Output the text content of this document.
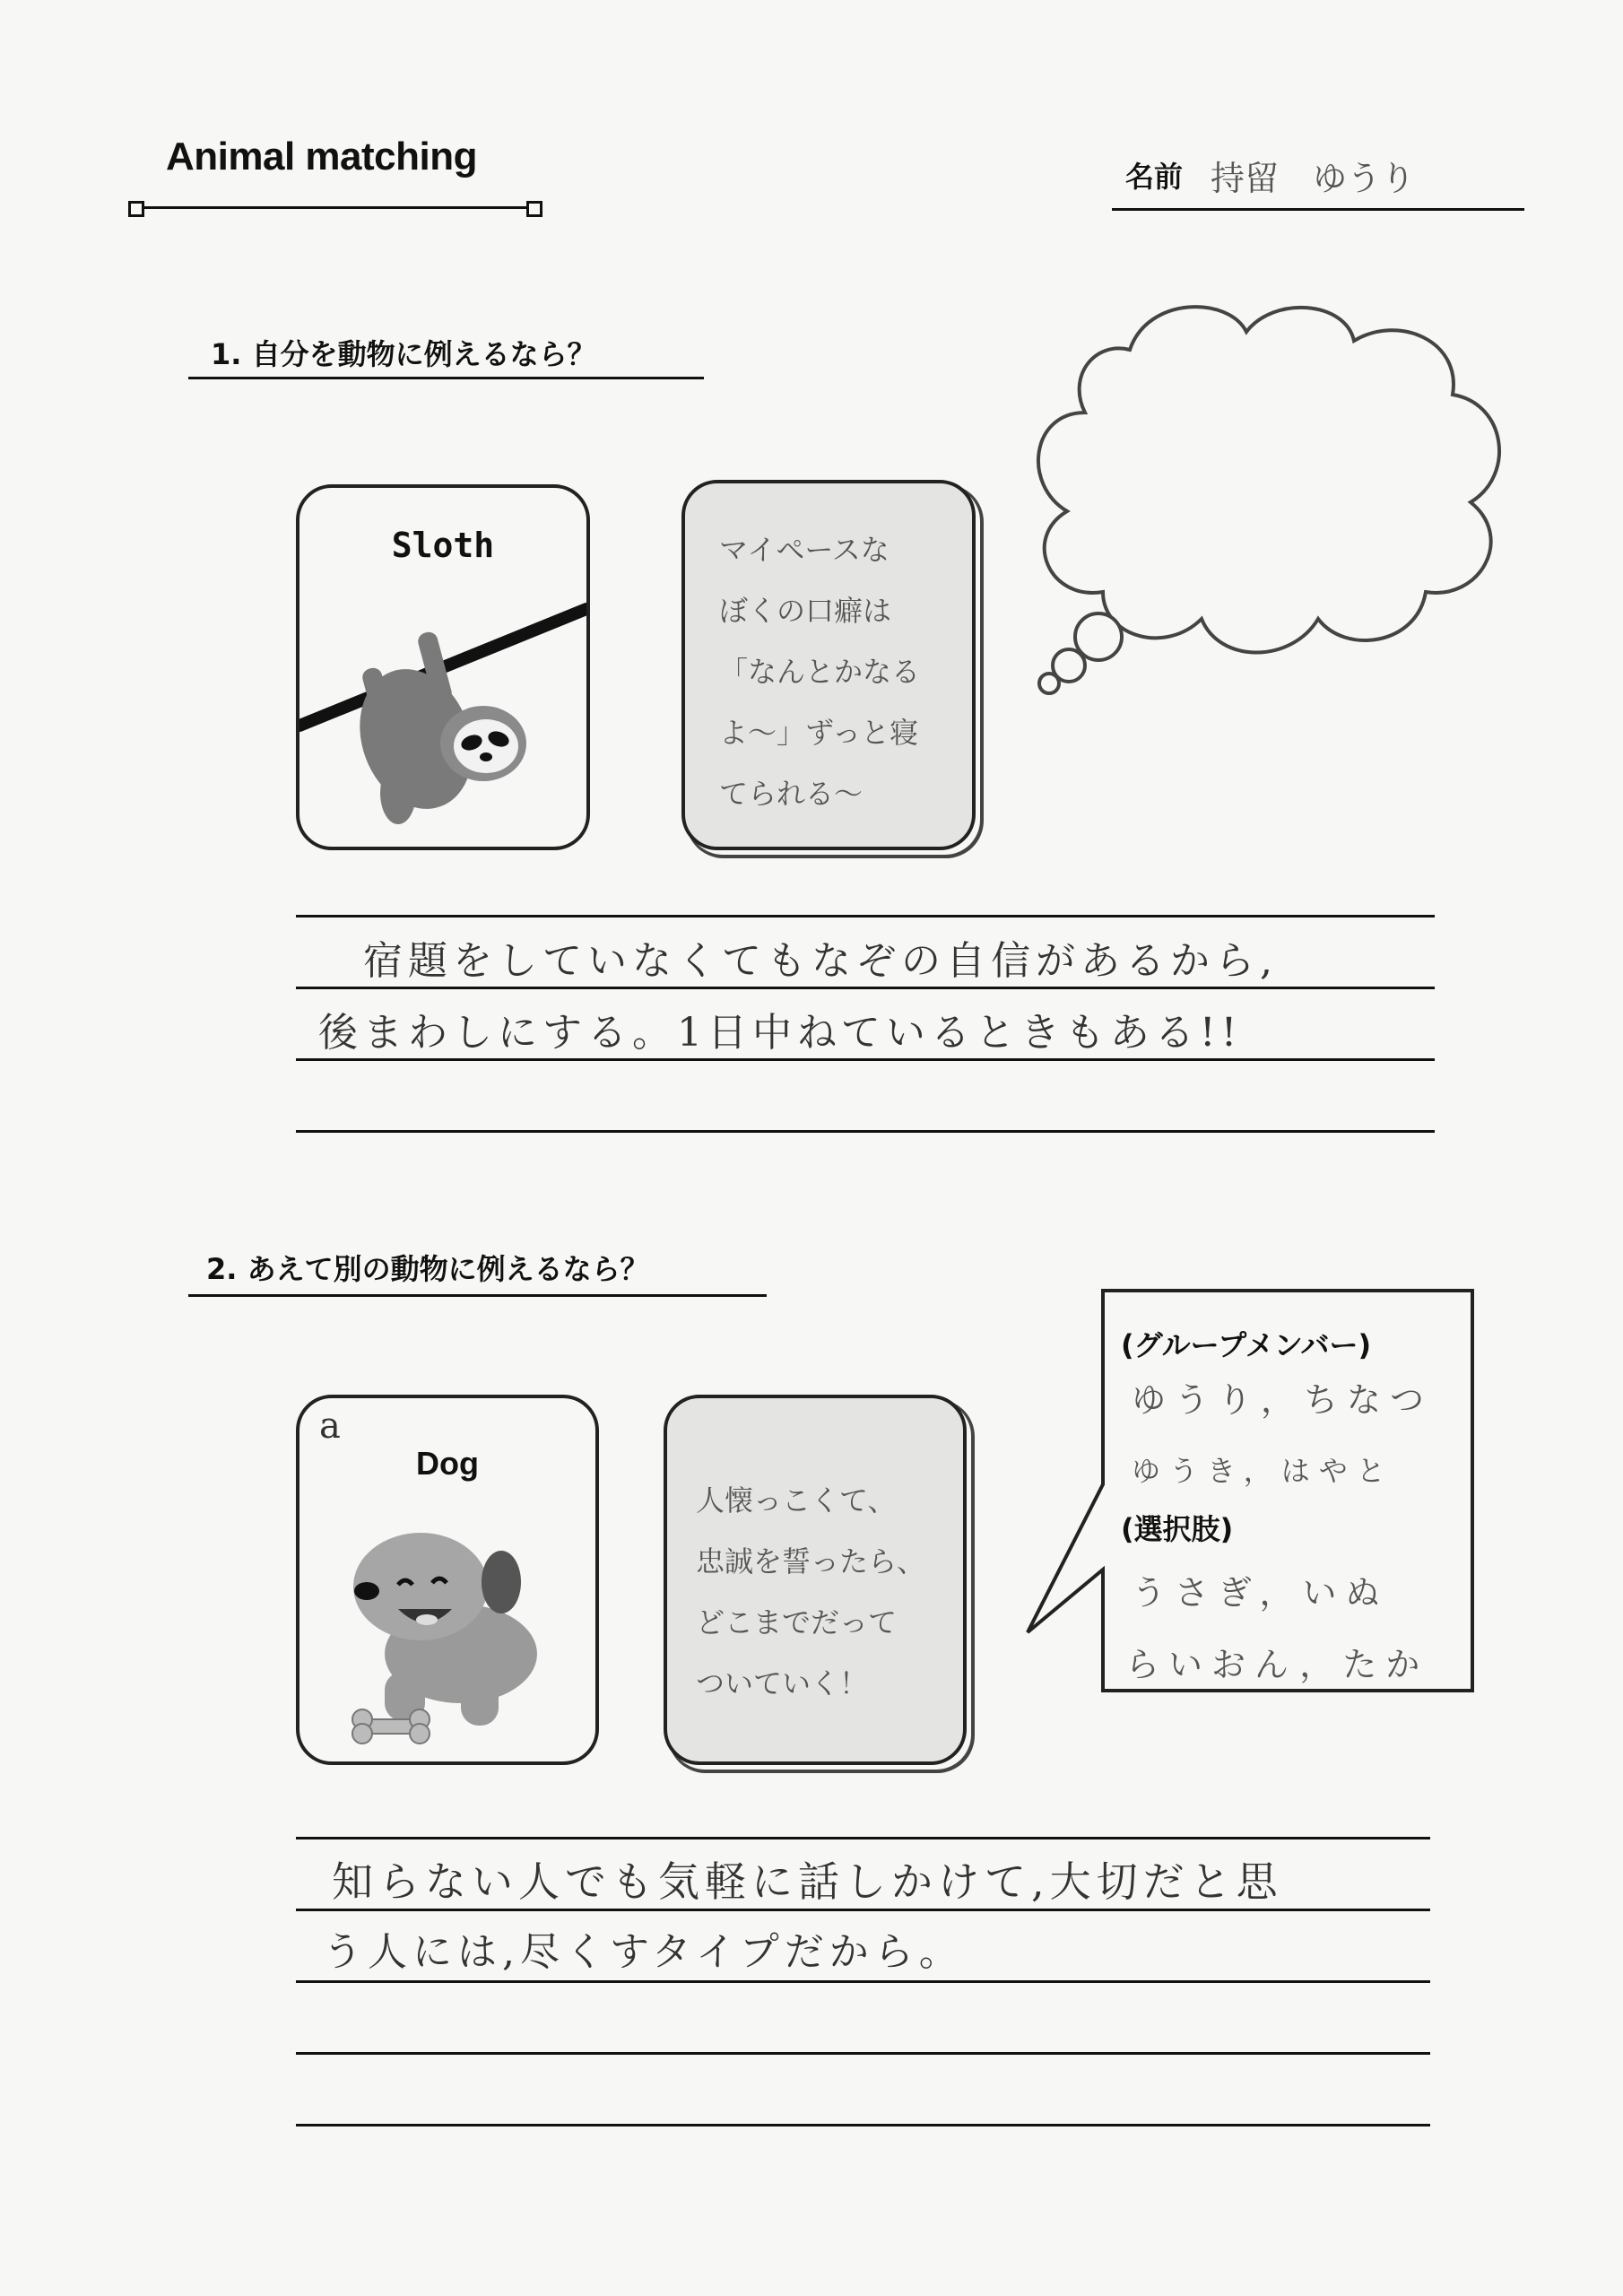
Animal matching	名前 持留　ゆうり
1. 自分を動物に例えるなら？
Sloth	マイペースな
ぼくの口癖は
「なんとかなる
よ～」ずっと寝
てられる～
宿題をしていなくてもなぞの自信があるから,
後まわしにする。1日中ねているときもある!!
2. あえて別の動物に例えるなら？
a
Dog
人懐っこくて、
忠誠を誓ったら、
どこまでだって
ついていく！
(グループメンバー)
ゆうり，ちなつ
ゆうき，はやと
(選択肢)
うさぎ，いぬ
らいおん，たか
知らない人でも気軽に話しかけて,大切だと思
う人には,尽くすタイプだから。
